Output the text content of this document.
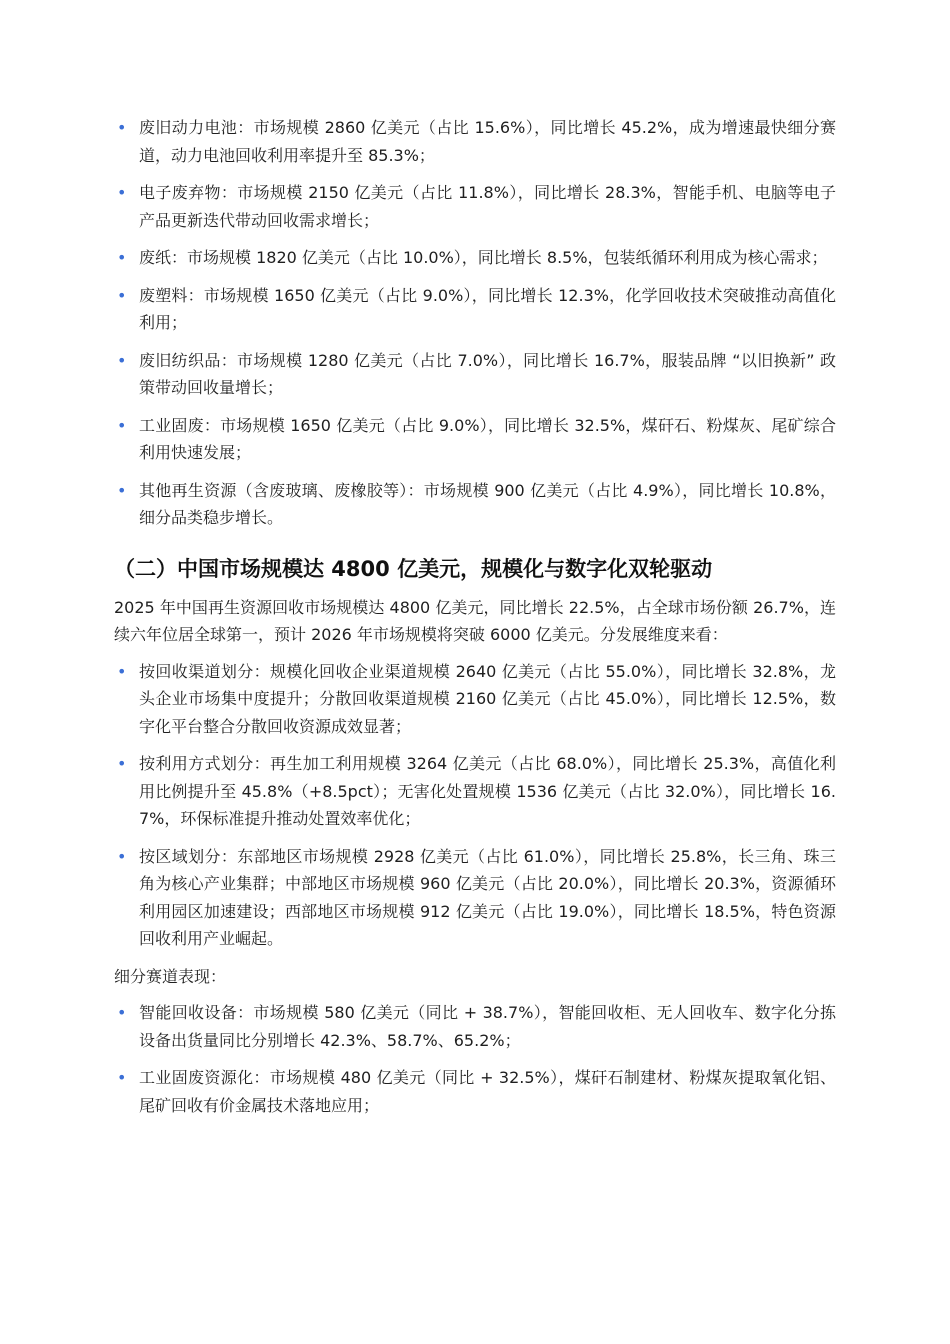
• 废旧动力电池：市场规模 2860 亿美元（占比 15.6%），同比增长 45.2%，成为增速最快细分赛道，动力电池回收利用率提升至 85.3%；
• 电子废弃物：市场规模 2150 亿美元（占比 11.8%），同比增长 28.3%，智能手机、电脑等电子产品更新迭代带动回收需求增长；
• 废纸：市场规模 1820 亿美元（占比 10.0%），同比增长 8.5%，包装纸循环利用成为核心需求；
• 废塑料：市场规模 1650 亿美元（占比 9.0%），同比增长 12.3%，化学回收技术突破推动高值化利用；
• 废旧纺织品：市场规模 1280 亿美元（占比 7.0%），同比增长 16.7%，服装品牌 “以旧换新” 政策带动回收量增长；
• 工业固废：市场规模 1650 亿美元（占比 9.0%），同比增长 32.5%，煤矸石、粉煤灰、尾矿综合利用快速发展；
• 其他再生资源（含废玻璃、废橡胶等）：市场规模 900 亿美元（占比 4.9%），同比增长 10.8%，细分品类稳步增长。
（二）中国市场规模达 4800 亿美元，规模化与数字化双轮驱动

2025 年中国再生资源回收市场规模达 4800 亿美元，同比增长 22.5%，占全球市场份额 26.7%，连续六年位居全球第一，预计 2026 年市场规模将突破 6000 亿美元。分发展维度来看：

• 按回收渠道划分：规模化回收企业渠道规模 2640 亿美元（占比 55.0%），同比增长 32.8%，龙头企业市场集中度提升；分散回收渠道规模 2160 亿美元（占比 45.0%），同比增长 12.5%，数字化平台整合分散回收资源成效显著；
• 按利用方式划分：再生加工利用规模 3264 亿美元（占比 68.0%），同比增长 25.3%，高值化利用比例提升至 45.8%（+8.5pct）；无害化处置规模 1536 亿美元（占比 32.0%），同比增长 16.7%，环保标准提升推动处置效率优化；
• 按区域划分：东部地区市场规模 2928 亿美元（占比 61.0%），同比增长 25.8%，长三角、珠三角为核心产业集群；中部地区市场规模 960 亿美元（占比 20.0%），同比增长 20.3%，资源循环利用园区加速建设；西部地区市场规模 912 亿美元（占比 19.0%），同比增长 18.5%，特色资源回收利用产业崛起。

细分赛道表现：

• 智能回收设备：市场规模 580 亿美元（同比 + 38.7%），智能回收柜、无人回收车、数字化分拣设备出货量同比分别增长 42.3%、58.7%、65.2%；
• 工业固废资源化：市场规模 480 亿美元（同比 + 32.5%），煤矸石制建材、粉煤灰提取氧化铝、尾矿回收有价金属技术落地应用；
